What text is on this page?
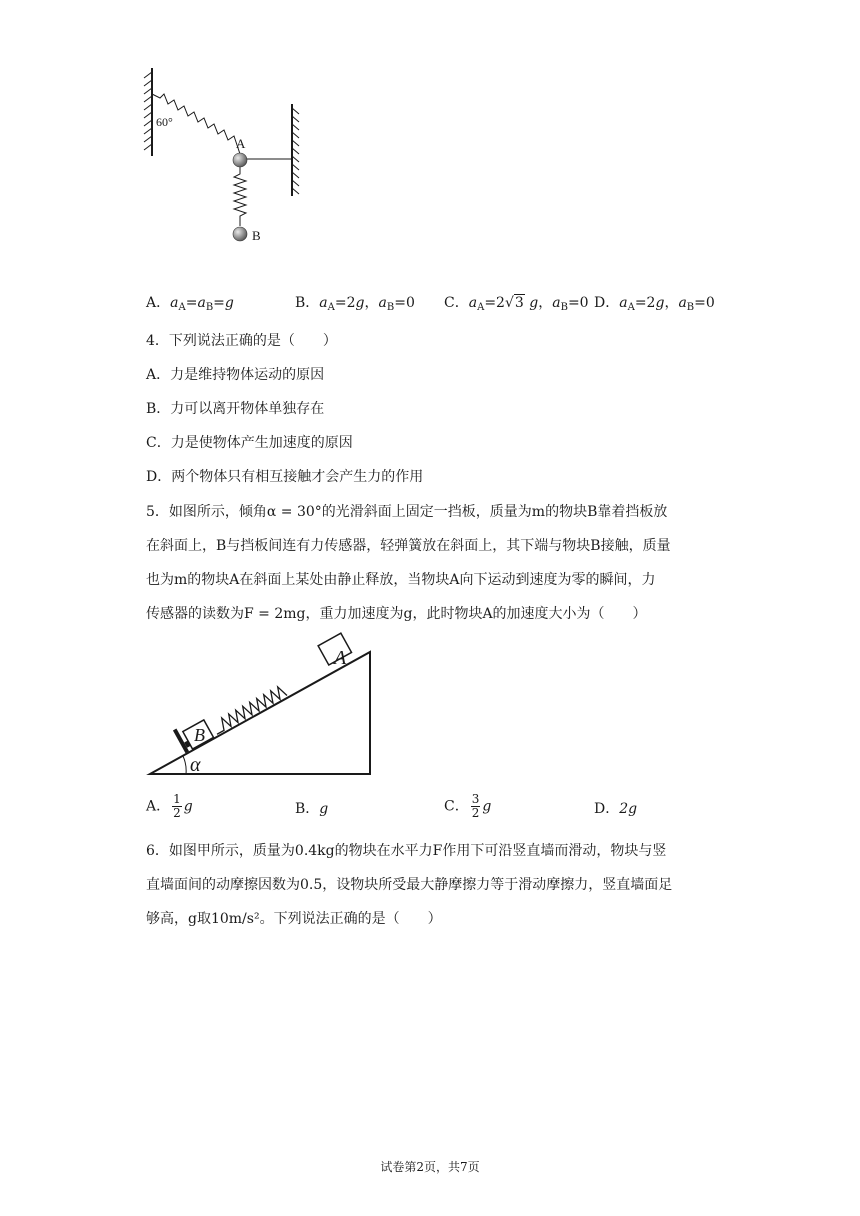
60°
A
B
A．$a_A=a_B=g$	B．$a_A=2g$，$a_B=0$ C．$a_A=2√3$ g，$a_B=0$ D．$a_A=2g$，$a_B=0$
4．下列说法正确的是（　　）
A．力是维持物体运动的原因
B．力可以离开物体单独存在
C．力是使物体产生加速度的原因
D．两个物体只有相互接触才会产生力的作用
5．如图所示，倾角α = 30°的光滑斜面上固定一挡板，质量为m的物块B靠着挡板放
在斜面上，B与挡板间连有力传感器，轻弹簧放在斜面上，其下端与物块B接触，质量
也为m的物块A在斜面上某处由静止释放，当物块A向下运动到速度为零的瞬间，力
传感器的读数为F = 2mg，重力加速度为g，此时物块A的加速度大小为（　　）
A
B
α
A． $\frac{1}{2}$ g	B．g	C． $\frac{3}{2}$ g	D．2g
6．如图甲所示，质量为0.4kg的物块在水平力F作用下可沿竖直墙而滑动，物块与竖
直墙面间的动摩擦因数为0.5，设物块所受最大静摩擦力等于滑动摩擦力，竖直墙面足
够高，g取10m/s²。下列说法正确的是（　　）
试卷第2页，共7页
